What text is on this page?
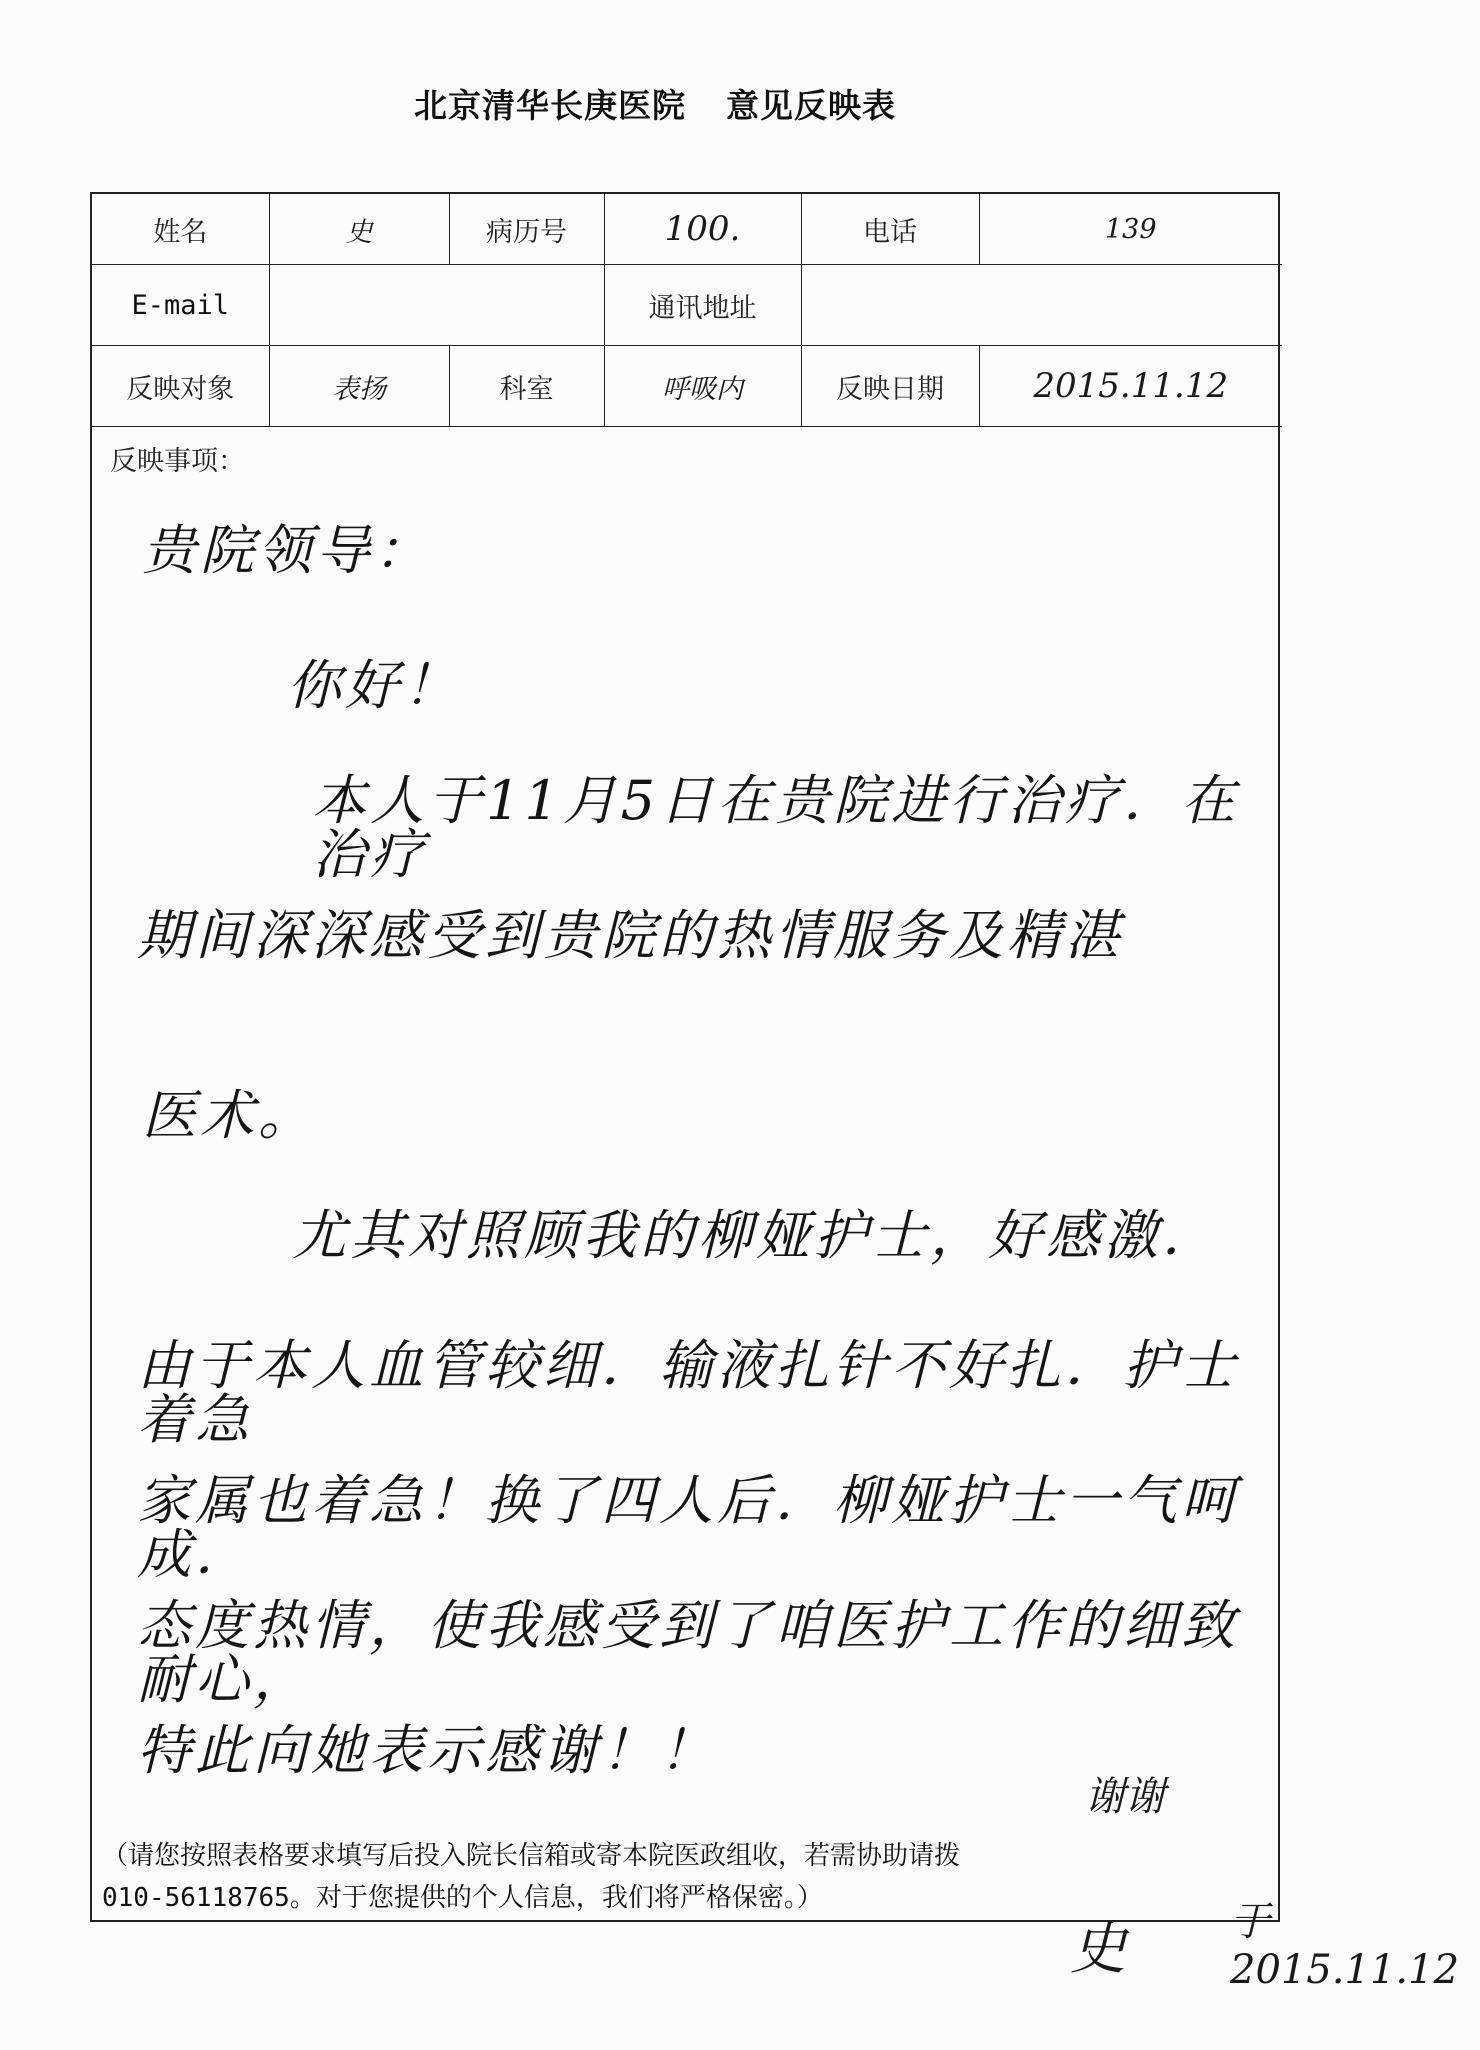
北京清华长庚医院 意见反映表
姓名	史	病历号	100.	电话	139
E-mail			通讯地址		
反映对象	表扬	科室	呼吸内	反映日期	2015.11.12
反映事项：

贵院领导：

你好！

本人于11月5日在贵院进行治疗．在治疗

期间深深感受到贵院的热情服务及精湛

医术。

尤其对照顾我的柳娅护士，好感激．

由于本人血管较细．输液扎针不好扎．护士着急

家属也着急！换了四人后．柳娅护士一气呵成．

态度热情，使我感受到了咱医护工作的细致耐心，

特此向她表示感谢！！

谢谢
（请您按照表格要求填写后投入院长信箱或寄本院医政组收，若需协助请拨
010-56118765。对于您提供的个人信息，我们将严格保密。）
史	于2015.11.12
